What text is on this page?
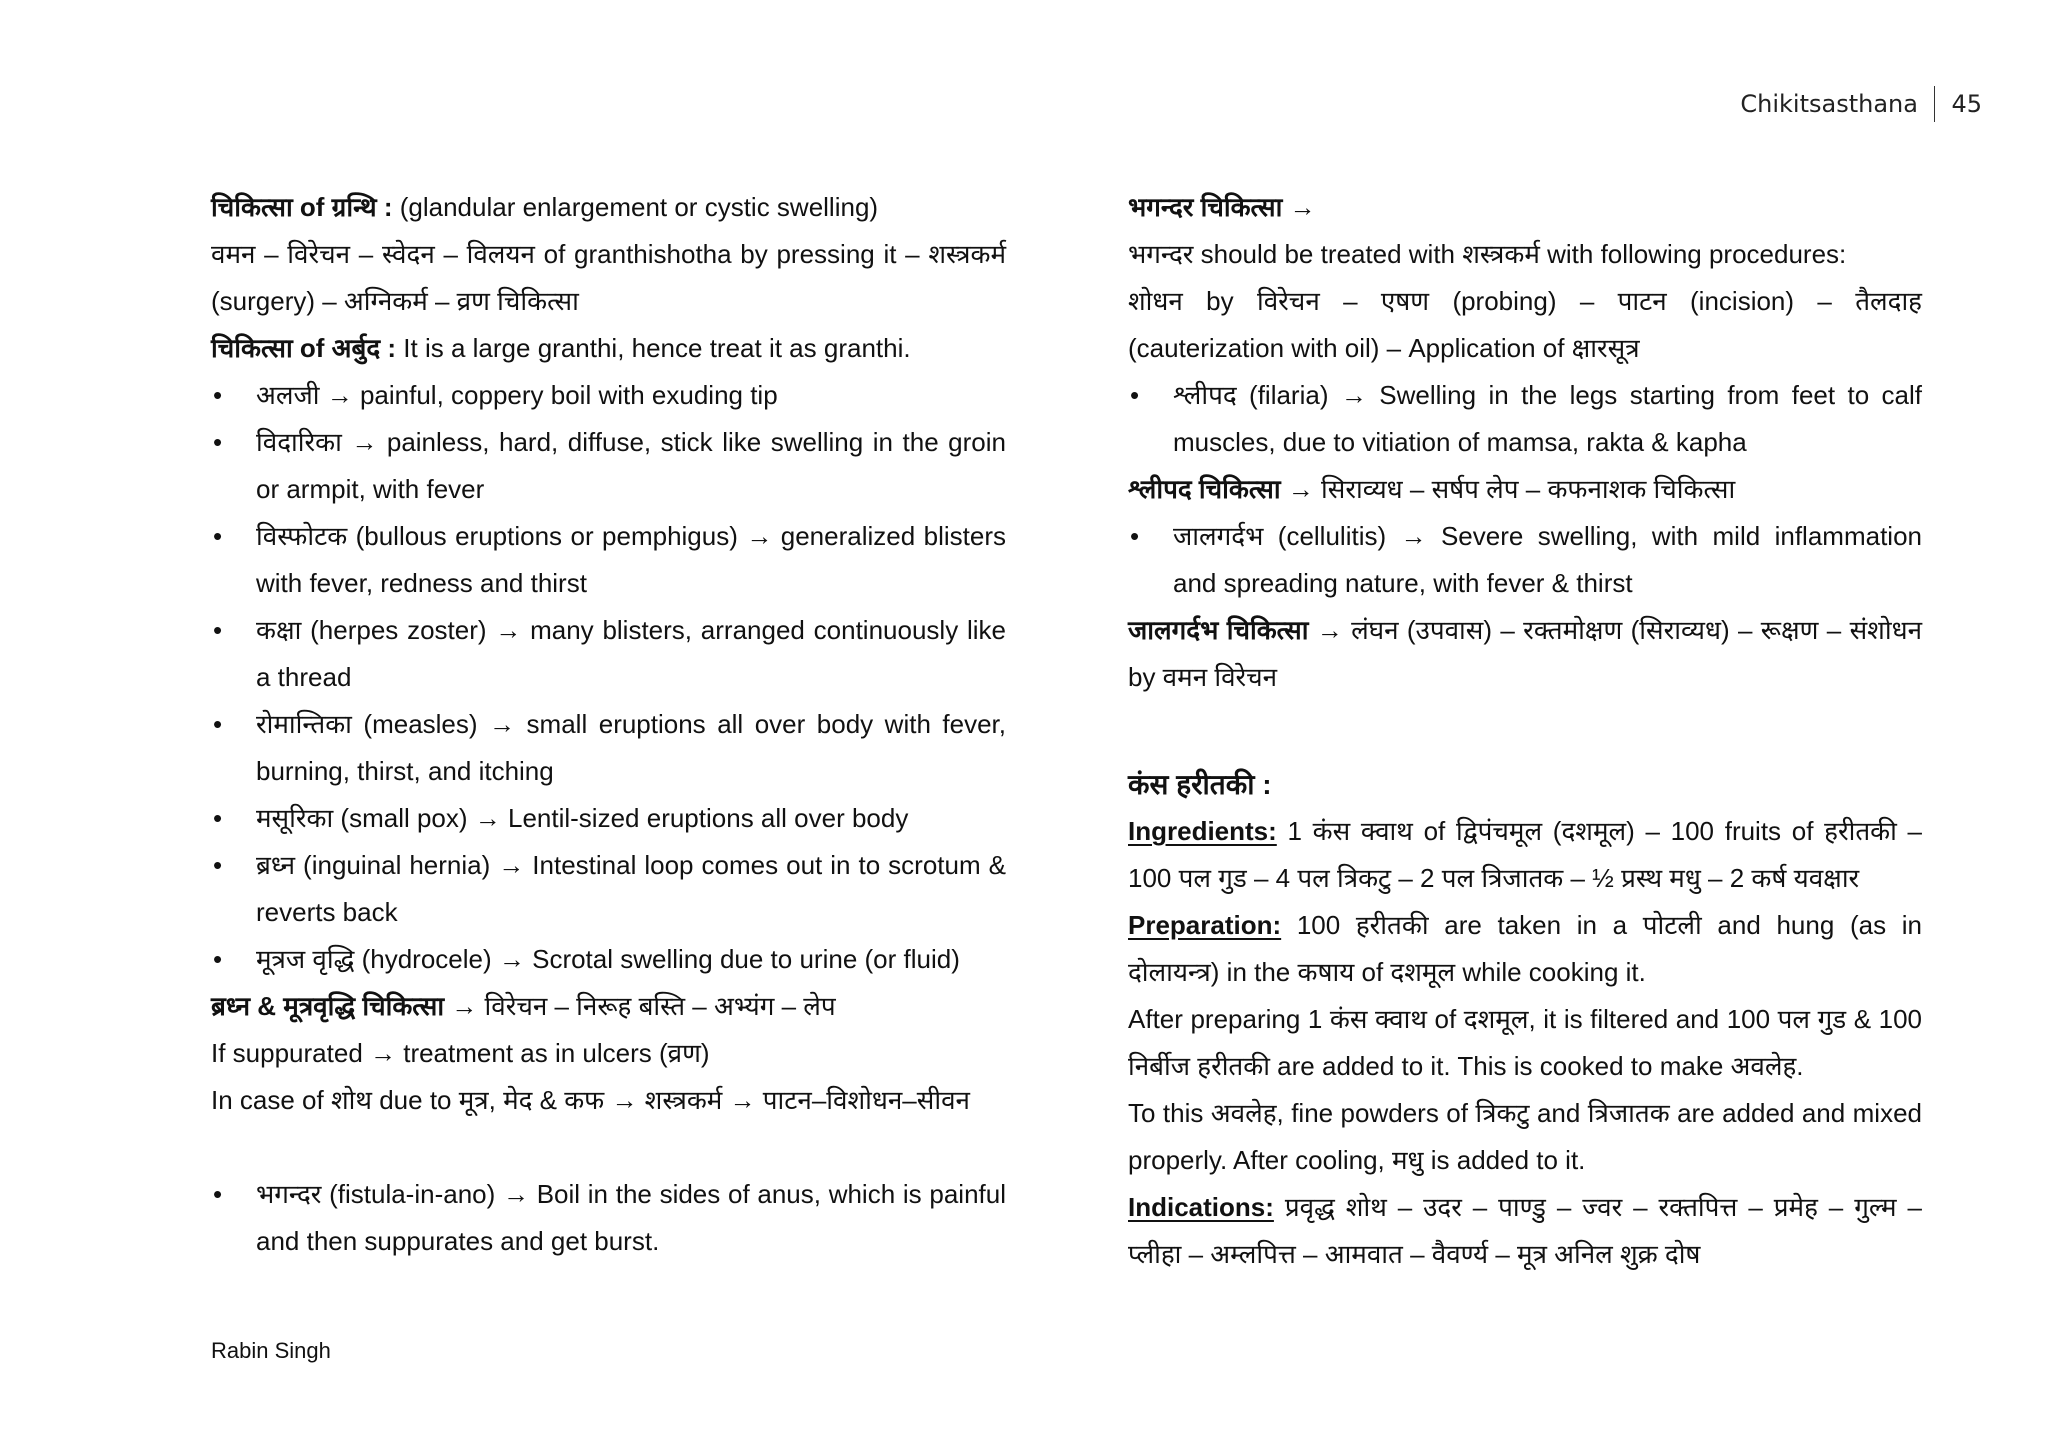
Chikitsasthana 45

चिकित्सा of ग्रन्थि : (glandular enlargement or cystic swelling)

वमन – विरेचन – स्वेदन – विलयन of granthishotha by pressing it – शस्त्रकर्म (surgery) – अग्निकर्म – व्रण चिकित्सा

चिकित्सा of अर्बुद : It is a large granthi, hence treat it as granthi.

• अलजी → painful, coppery boil with exuding tip
• विदारिका → painless, hard, diffuse, stick like swelling in the groin or armpit, with fever
• विस्फोटक (bullous eruptions or pemphigus) → generalized blisters with fever, redness and thirst
• कक्षा (herpes zoster) → many blisters, arranged continuously like a thread
• रोमान्तिका (measles) → small eruptions all over body with fever, burning, thirst, and itching
• मसूरिका (small pox) → Lentil-sized eruptions all over body
• ब्रध्न (inguinal hernia) → Intestinal loop comes out in to scrotum & reverts back
• मूत्रज वृद्धि (hydrocele) → Scrotal swelling due to urine (or fluid)

ब्रध्न & मूत्रवृद्धि चिकित्सा → विरेचन – निरूह बस्ति – अभ्यंग – लेप

If suppurated → treatment as in ulcers (व्रण)

In case of शोथ due to मूत्र, मेद & कफ → शस्त्रकर्म → पाटन–विशोधन–सीवन

• भगन्दर (fistula-in-ano) → Boil in the sides of anus, which is painful and then suppurates and get burst.

भगन्दर चिकित्सा →

भगन्दर should be treated with शस्त्रकर्म with following procedures:

शोधन by विरेचन – एषण (probing) – पाटन (incision) – तैलदाह (cauterization with oil) – Application of क्षारसूत्र

• श्लीपद (filaria) → Swelling in the legs starting from feet to calf muscles, due to vitiation of mamsa, rakta & kapha

श्लीपद चिकित्सा → सिराव्यध – सर्षप लेप – कफनाशक चिकित्सा

• जालगर्दभ (cellulitis) → Severe swelling, with mild inflammation and spreading nature, with fever & thirst

जालगर्दभ चिकित्सा → लंघन (उपवास) – रक्तमोक्षण (सिराव्यध) – रूक्षण – संशोधन by वमन विरेचन

कंस हरीतकी :

Ingredients: 1 कंस क्वाथ of द्विपंचमूल (दशमूल) – 100 fruits of हरीतकी – 100 पल गुड – 4 पल त्रिकटु – 2 पल त्रिजातक – ½ प्रस्थ मधु – 2 कर्ष यवक्षार

Preparation: 100 हरीतकी are taken in a पोटली and hung (as in दोलायन्त्र) in the कषाय of दशमूल while cooking it.

After preparing 1 कंस क्वाथ of दशमूल, it is filtered and 100 पल गुड & 100 निर्बीज हरीतकी are added to it. This is cooked to make अवलेह.

To this अवलेह, fine powders of त्रिकटु and त्रिजातक are added and mixed properly. After cooling, मधु is added to it.

Indications: प्रवृद्ध शोथ – उदर – पाण्डु – ज्वर – रक्तपित्त – प्रमेह – गुल्म – प्लीहा – अम्लपित्त – आमवात – वैवर्ण्य – मूत्र अनिल शुक्र दोष

Rabin Singh
